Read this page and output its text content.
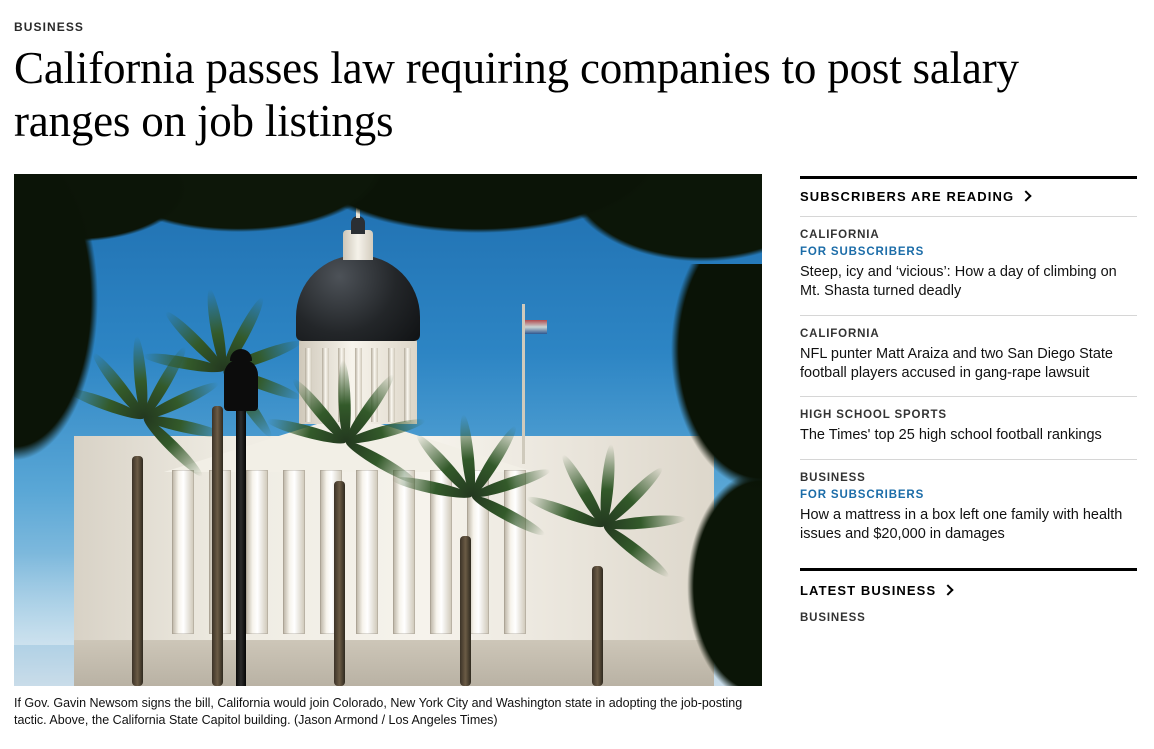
BUSINESS
California passes law requiring companies to post salary ranges on job listings
If Gov. Gavin Newsom signs the bill, California would join Colorado, New York City and Washington state in adopting the job-posting tactic. Above, the California State Capitol building. (Jason Armond / Los Angeles Times)
SUBSCRIBERS ARE READING
CALIFORNIA
FOR SUBSCRIBERS
Steep, icy and ‘vicious’: How a day of climbing on Mt. Shasta turned deadly
CALIFORNIA
NFL punter Matt Araiza and two San Diego State football players accused in gang-rape lawsuit
HIGH SCHOOL SPORTS
The Times' top 25 high school football rankings
BUSINESS
FOR SUBSCRIBERS
How a mattress in a box left one family with health issues and $20,000 in damages
LATEST BUSINESS
BUSINESS
